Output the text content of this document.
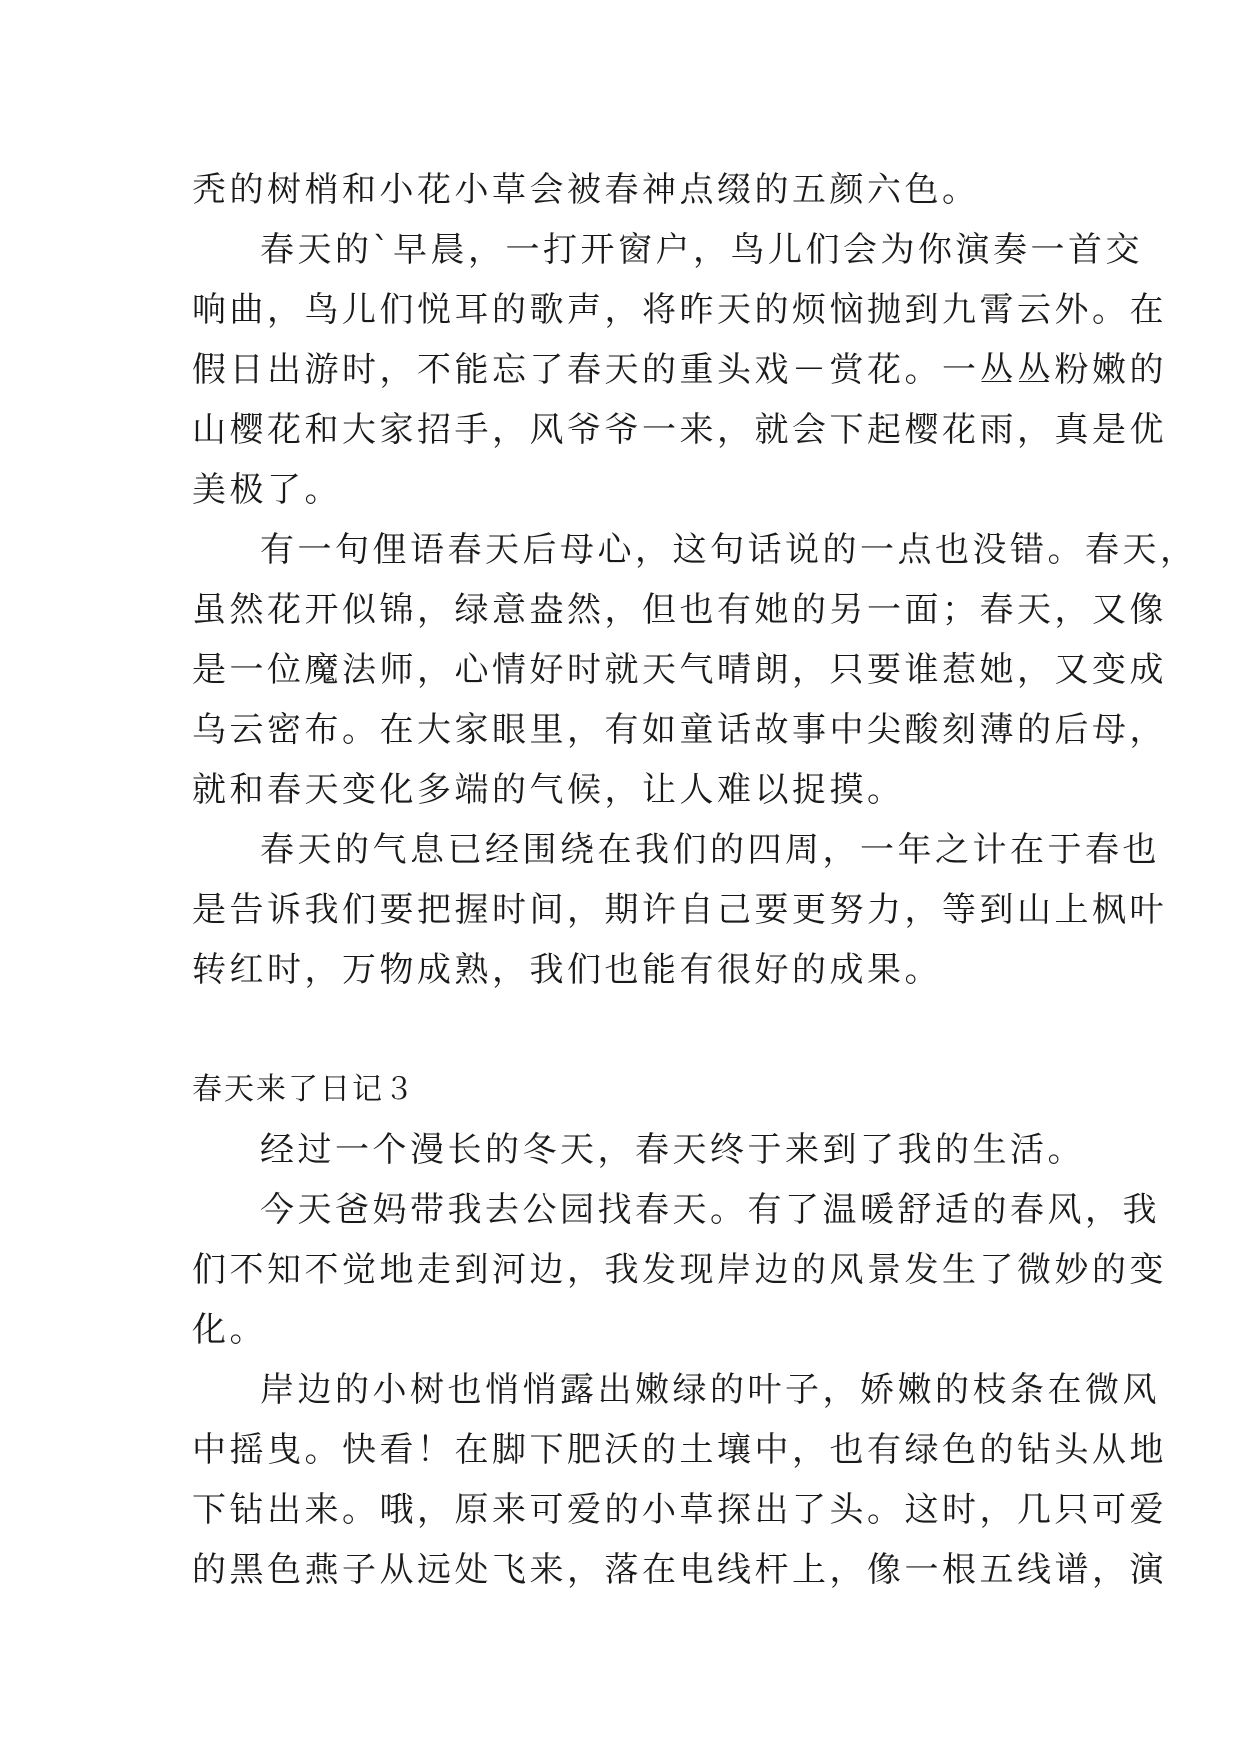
秃的树梢和小花小草会被春神点缀的五颜六色。
春天的`早晨，一打开窗户，鸟儿们会为你演奏一首交
响曲，鸟儿们悦耳的歌声，将昨天的烦恼抛到九霄云外。在
假日出游时，不能忘了春天的重头戏－赏花。一丛丛粉嫩的
山樱花和大家招手，风爷爷一来，就会下起樱花雨，真是优
美极了。
有一句俚语春天后母心，这句话说的一点也没错。春天，
虽然花开似锦，绿意盎然，但也有她的另一面；春天，又像
是一位魔法师，心情好时就天气晴朗，只要谁惹她，又变成
乌云密布。在大家眼里，有如童话故事中尖酸刻薄的后母，
就和春天变化多端的气候，让人难以捉摸。
春天的气息已经围绕在我们的四周，一年之计在于春也
是告诉我们要把握时间，期许自己要更努力，等到山上枫叶
转红时，万物成熟，我们也能有很好的成果。
春天来了日记３
经过一个漫长的冬天，春天终于来到了我的生活。
今天爸妈带我去公园找春天。有了温暖舒适的春风，我
们不知不觉地走到河边，我发现岸边的风景发生了微妙的变
化。
岸边的小树也悄悄露出嫩绿的叶子，娇嫩的枝条在微风
中摇曳。快看！在脚下肥沃的土壤中，也有绿色的钻头从地
下钻出来。哦，原来可爱的小草探出了头。这时，几只可爱
的黑色燕子从远处飞来，落在电线杆上，像一根五线谱，演
